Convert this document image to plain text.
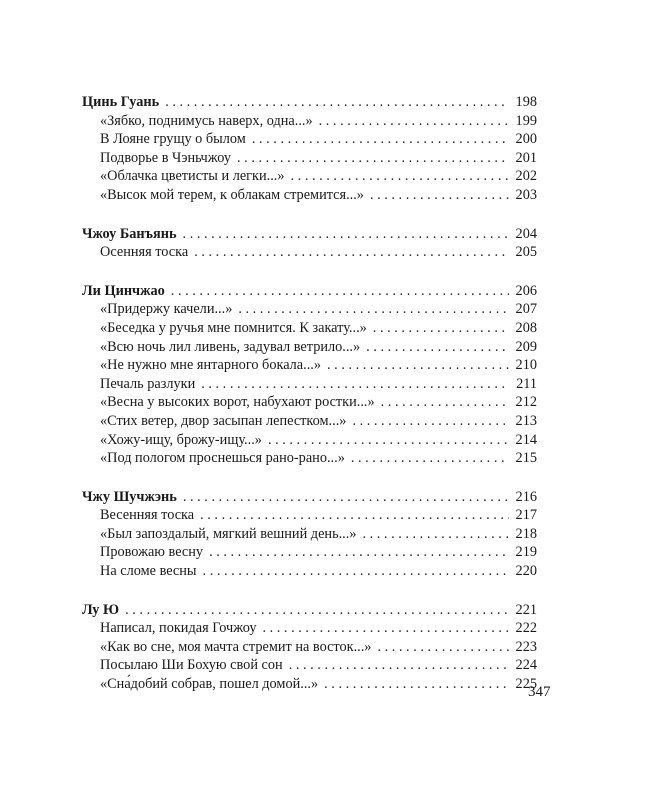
Цинь Гуань . . .	198
«Зябко, поднимусь наверх, одна...» . . .	199
В Лояне грущу о былом . . .	200
Подворье в Чэньчжоу . . .	201
«Облачка цветисты и легки...» . . .	202
«Высок мой терем, к облакам стремится...» . . .	203
Чжоу Банъянь . . .	204
Осенняя тоска . . .	205
Ли Цинчжао . . .	206
«Придержу качели...» . . .	207
«Беседка у ручья мне помнится. К закату...» . . .	208
«Всю ночь лил ливень, задувал ветрило...» . . .	209
«Не нужно мне янтарного бокала...» . . .	210
Печаль разлуки . . .	211
«Весна у высоких ворот, набухают ростки...» . . .	212
«Стих ветер, двор засыпан лепестком...» . . .	213
«Хожу-ищу, брожу-ищу...» . . .	214
«Под пологом проснешься рано-рано...» . . .	215
Чжу Шучжэнь . . .	216
Весенняя тоска . . .	217
«Был запоздалый, мягкий вешний день...» . . .	218
Провожаю весну . . .	219
На сломе весны . . .	220
Лу Ю . . .	221
Написал, покидая Гочжоу . . .	222
«Как во сне, моя мачта стремит на восток...» . . .	223
Посылаю Ши Бохую свой сон . . .	224
«Сна́добий собрав, пошел домой...» . . .	225
347
